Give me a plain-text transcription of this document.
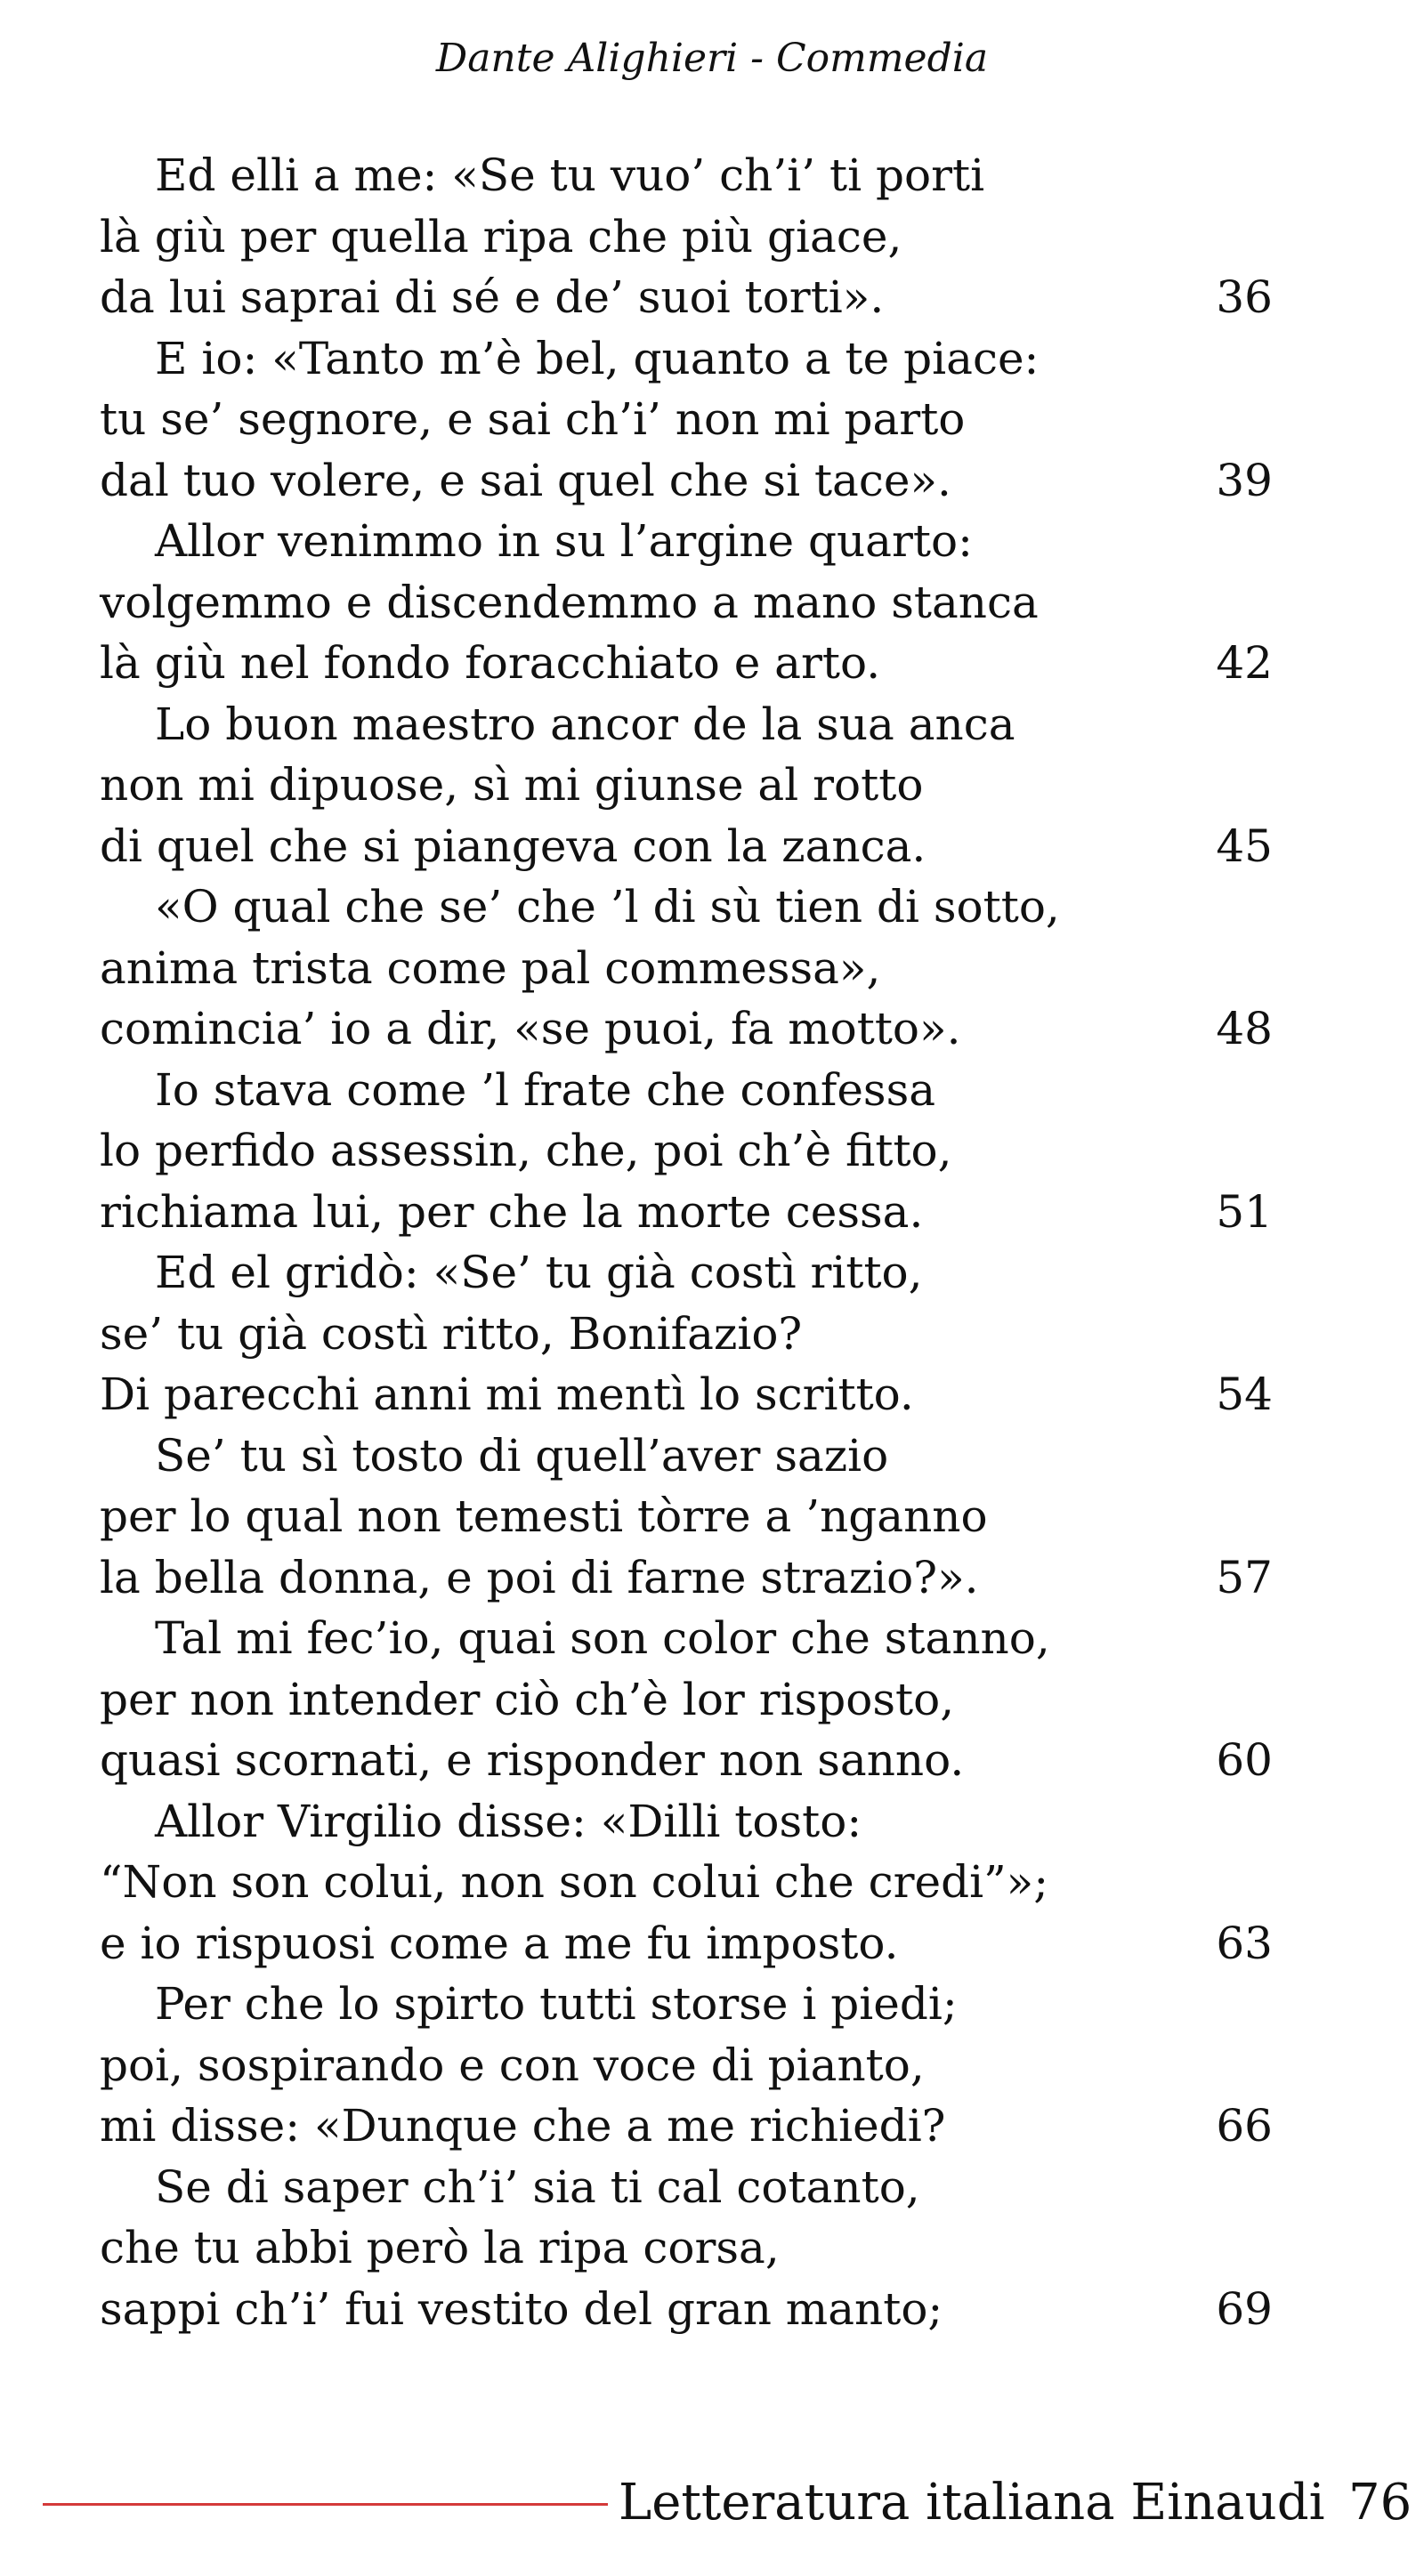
Dante Alighieri - Commedia
Ed elli a me: «Se tu vuo’ ch’i’ ti porti
là giù per quella ripa che più giace,
da lui saprai di sé e de’ suoi torti».	36
E io: «Tanto m’è bel, quanto a te piace:
tu se’ segnore, e sai ch’i’ non mi parto
dal tuo volere, e sai quel che si tace».	39
Allor venimmo in su l’argine quarto:
volgemmo e discendemmo a mano stanca
là giù nel fondo foracchiato e arto.	42
Lo buon maestro ancor de la sua anca
non mi dipuose, sì mi giunse al rotto
di quel che si piangeva con la zanca.	45
«O qual che se’ che ’l di sù tien di sotto,
anima trista come pal commessa»,
comincia’ io a dir, «se puoi, fa motto».	48
Io stava come ’l frate che confessa
lo perfido assessin, che, poi ch’è fitto,
richiama lui, per che la morte cessa.	51
Ed el gridò: «Se’ tu già costì ritto,
se’ tu già costì ritto, Bonifazio?
Di parecchi anni mi mentì lo scritto.	54
Se’ tu sì tosto di quell’aver sazio
per lo qual non temesti tòrre a ’nganno
la bella donna, e poi di farne strazio?».	57
Tal mi fec’io, quai son color che stanno,
per non intender ciò ch’è lor risposto,
quasi scornati, e risponder non sanno.	60
Allor Virgilio disse: «Dilli tosto:
“Non son colui, non son colui che credi”»;
e io rispuosi come a me fu imposto.	63
Per che lo spirto tutti storse i piedi;
poi, sospirando e con voce di pianto,
mi disse: «Dunque che a me richiedi?	66
Se di saper ch’i’ sia ti cal cotanto,
che tu abbi però la ripa corsa,
sappi ch’i’ fui vestito del gran manto;	69
Letteratura italiana Einaudi 76
